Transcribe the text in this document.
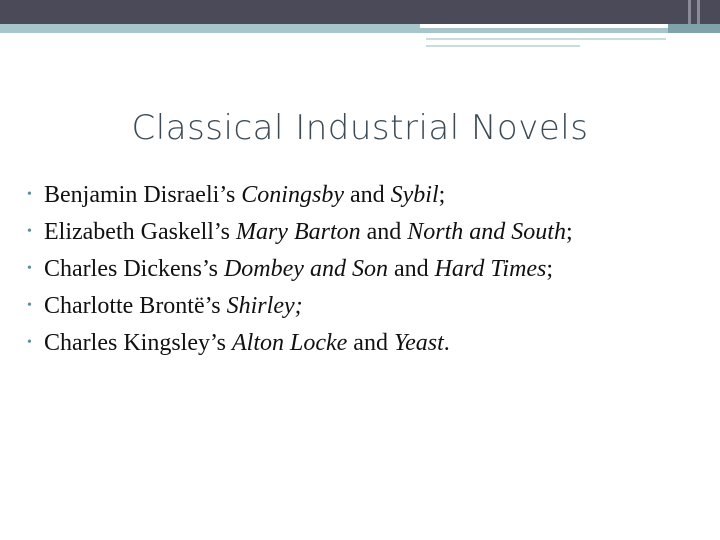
Classical Industrial Novels
• Benjamin Disraeli’s Coningsby and Sybil;
• Elizabeth Gaskell’s Mary Barton and North and South;
• Charles Dickens’s Dombey and Son and Hard Times;
• Charlotte Brontë’s Shirley;
• Charles Kingsley’s Alton Locke and Yeast.
